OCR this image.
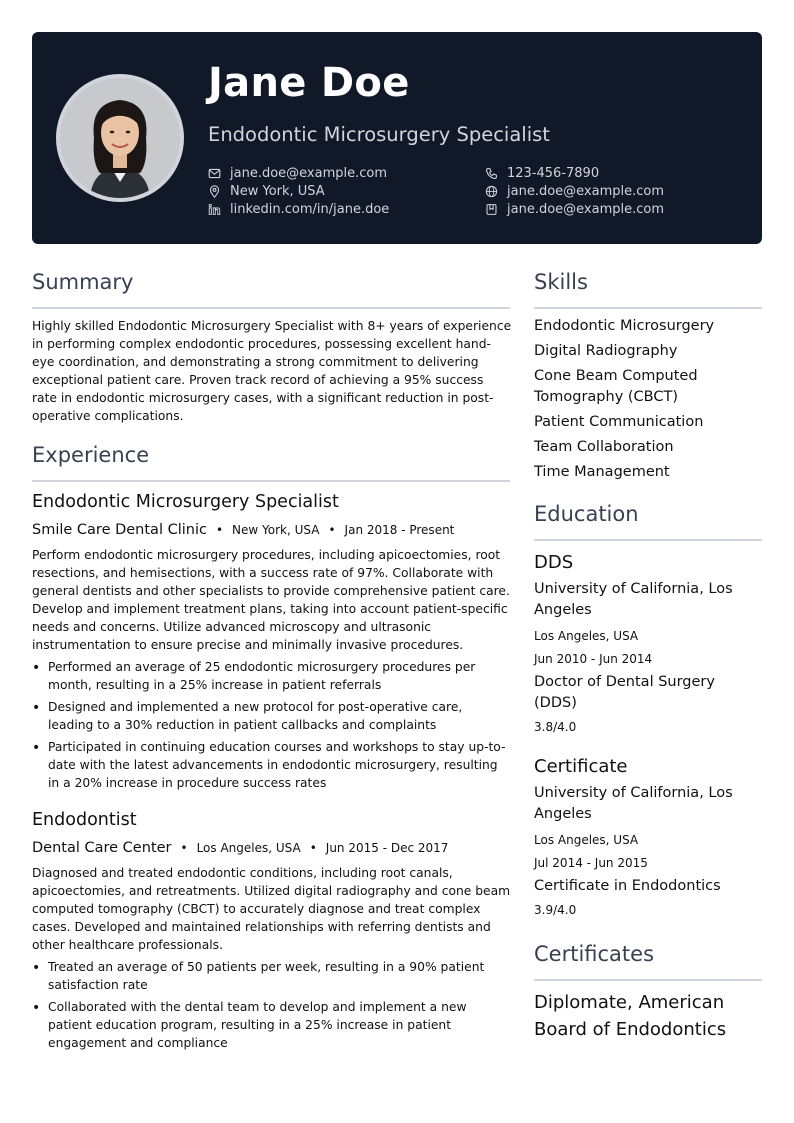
Jane Doe
Endodontic Microsurgery Specialist
jane.doe@example.com	123-456-7890
New York, USA	jane.doe@example.com
linkedin.com/in/jane.doe	jane.doe@example.com
Summary
Highly skilled Endodontic Microsurgery Specialist with 8+ years of experience in performing complex endodontic procedures, possessing excellent hand-eye coordination, and demonstrating a strong commitment to delivering exceptional patient care. Proven track record of achieving a 95% success rate in endodontic microsurgery cases, with a significant reduction in post-operative complications.
Experience
Endodontic Microsurgery Specialist
Smile Care Dental Clinic • New York, USA • Jan 2018 - Present
Perform endodontic microsurgery procedures, including apicoectomies, root resections, and hemisections, with a success rate of 97%. Collaborate with general dentists and other specialists to provide comprehensive patient care. Develop and implement treatment plans, taking into account patient-specific needs and concerns. Utilize advanced microscopy and ultrasonic instrumentation to ensure precise and minimally invasive procedures.
• Performed an average of 25 endodontic microsurgery procedures per month, resulting in a 25% increase in patient referrals
• Designed and implemented a new protocol for post-operative care, leading to a 30% reduction in patient callbacks and complaints
• Participated in continuing education courses and workshops to stay up-to-date with the latest advancements in endodontic microsurgery, resulting in a 20% increase in procedure success rates
Endodontist
Dental Care Center • Los Angeles, USA • Jun 2015 - Dec 2017
Diagnosed and treated endodontic conditions, including root canals, apicoectomies, and retreatments. Utilized digital radiography and cone beam computed tomography (CBCT) to accurately diagnose and treat complex cases. Developed and maintained relationships with referring dentists and other healthcare professionals.
• Treated an average of 50 patients per week, resulting in a 90% patient satisfaction rate
• Collaborated with the dental team to develop and implement a new patient education program, resulting in a 25% increase in patient engagement and compliance
Skills
Endodontic Microsurgery
Digital Radiography
Cone Beam Computed Tomography (CBCT)
Patient Communication
Team Collaboration
Time Management
Education
DDS
University of California, Los Angeles
Los Angeles, USA
Jun 2010 - Jun 2014
Doctor of Dental Surgery (DDS)
3.8/4.0
Certificate
University of California, Los Angeles
Los Angeles, USA
Jul 2014 - Jun 2015
Certificate in Endodontics
3.9/4.0
Certificates
Diplomate, American Board of Endodontics
